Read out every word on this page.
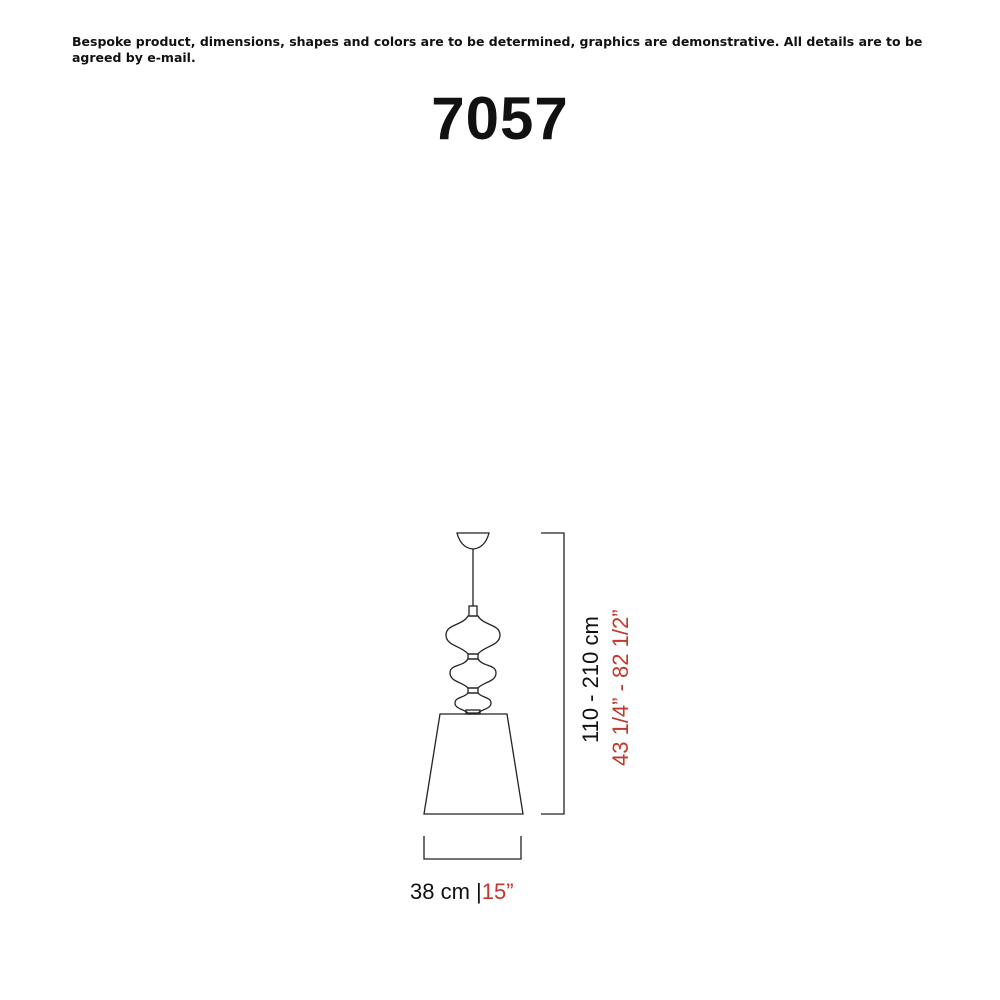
Bespoke product, dimensions, shapes and colors are to be determined, graphics are demonstrative. All details are to be agreed by e-mail.

7057
110 - 210 cm 43 1/4” - 82 1/2”
38 cm |15”
